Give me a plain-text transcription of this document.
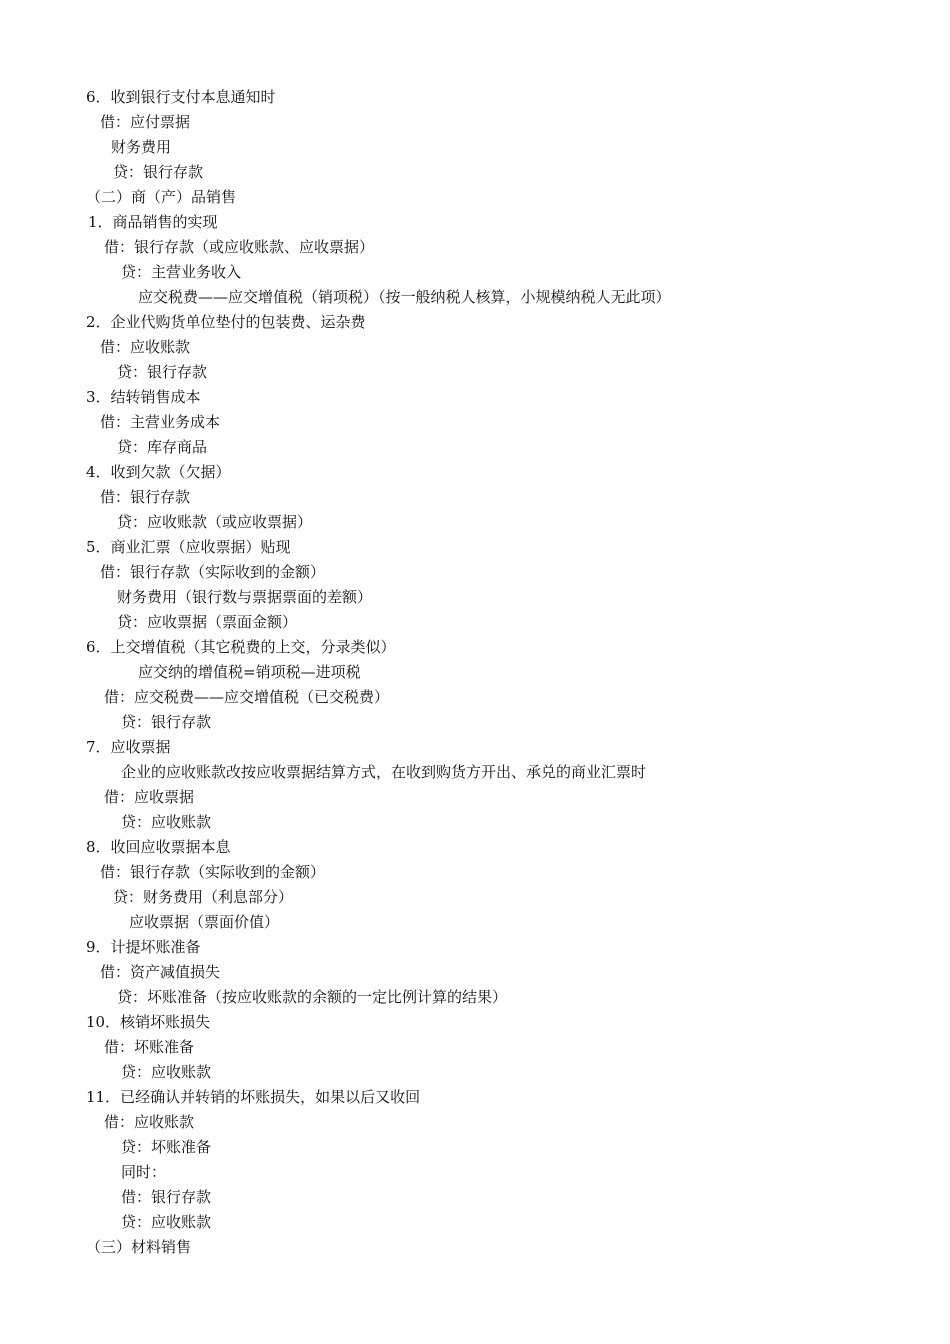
6．收到银行支付本息通知时
借：应付票据
财务费用
贷：银行存款
（二）商（产）品销售
1．商品销售的实现
借：银行存款（或应收账款、应收票据）
贷：主营业务收入
应交税费——应交增值税（销项税）（按一般纳税人核算，小规模纳税人无此项）
2．企业代购货单位垫付的包装费、运杂费
借：应收账款
贷：银行存款
3．结转销售成本
借：主营业务成本
贷：库存商品
4．收到欠款（欠据）
借：银行存款
贷：应收账款（或应收票据）
5．商业汇票（应收票据）贴现
借：银行存款（实际收到的金额）
财务费用（银行数与票据票面的差额）
贷：应收票据（票面金额）
6．上交增值税（其它税费的上交，分录类似）
应交纳的增值税=销项税—进项税
借：应交税费——应交增值税（已交税费）
贷：银行存款
7．应收票据
企业的应收账款改按应收票据结算方式，在收到购货方开出、承兑的商业汇票时
借：应收票据
贷：应收账款
8．收回应收票据本息
借：银行存款（实际收到的金额）
贷：财务费用（利息部分）
应收票据（票面价值）
9．计提坏账准备
借：资产减值损失
贷：坏账准备（按应收账款的余额的一定比例计算的结果）
10．核销坏账损失
借：坏账准备
贷：应收账款
11．已经确认并转销的坏账损失，如果以后又收回
借：应收账款
贷：坏账准备
同时：
借：银行存款
贷：应收账款
（三）材料销售
